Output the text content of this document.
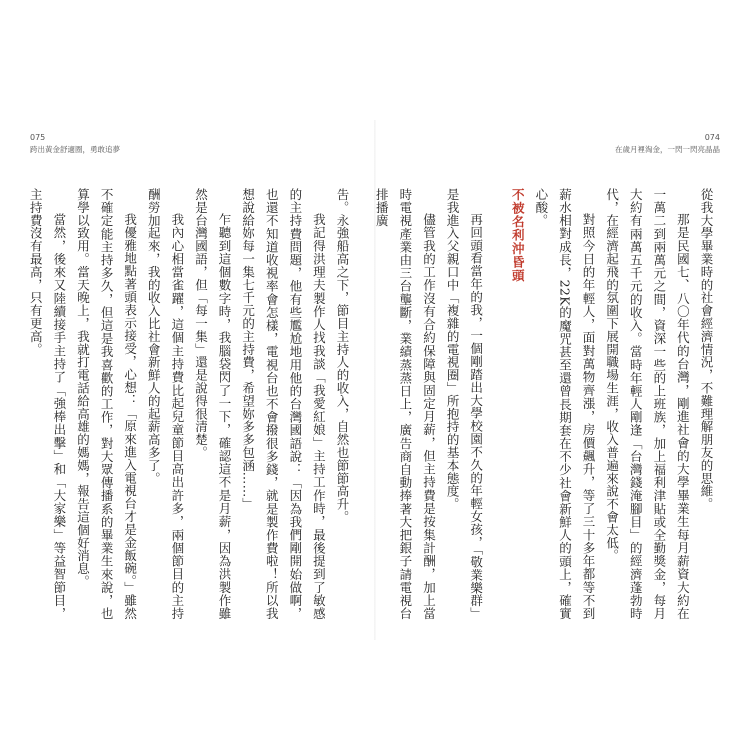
075
跨出黃金舒適圈，勇敢追夢

吿。永強船高之下，節目主持人的收入，自然也節節高升。

我記得洪理夫製作人找我談「我愛紅娘」主持工作時，最後提到了敏感的主持費問題，他有些尷尬地用他的台灣國語說：「因為我們剛開始做啊，也還不知道收視率會怎樣，電視台也不會撥很多錢，就是製作費啦！所以我想說給妳每一集七千元的主持費，希望妳多多包涵……」

乍聽到這個數字時，我腦袋閃了一下，確認這不是月薪，因為洪製作雖然是台灣國語，但「每一集」還是說得很清楚。

我內心相當雀躍，這個主持費比起兒童節目高出許多，兩個節目的主持酬勞加起來，我的收入比社會新鮮人的起薪高多了。

我優雅地點著頭表示接受，心想：「原來進入電視台才是金飯碗。」雖然不確定能主持多久，但這是我喜歡的工作，對大眾傳播系的畢業生來說，也算學以致用。當天晚上，我就打電話給高雄的媽媽，報告這個好消息。

當然，後來又陸續接手主持了「強棒出擊」和「大家樂」等益智節目，主持費沒有最高，只有更高。

074
在歲月裡淘金，一閃一閃亮晶晶

從我大學畢業時的社會經濟情況，不難理解朋友的思維。

那是民國七、八〇年代的台灣，剛進社會的大學畢業生每月薪資大約在一萬二到兩萬元之間，資深一些的上班族，加上福利津貼或全勤獎金，每月大約有兩萬五千元的收入。當時年輕人剛逢「台灣錢淹腳目」的經濟蓬勃時代，在經濟起飛的氛圍下展開職場生涯，收入普遍來說不會太低。

對照今日的年輕人，面對萬物齊漲，房價飆升，等了三十多年都等不到薪水相對成長，22K的魔咒甚至還曾長期套在不少社會新鮮人的頭上，確實心酸。

不被名利沖昏頭

再回頭看當年的我，一個剛踏出大學校園不久的年輕女孩，「敬業樂群」是我進入父親口中「複雜的電視圈」所抱持的基本態度。

儘管我的工作沒有合約保障與固定月薪，但主持費是按集計酬，加上當時電視產業由三台壟斷，業績蒸蒸日上，廣告商自動捧著大把銀子請電視台排播廣
